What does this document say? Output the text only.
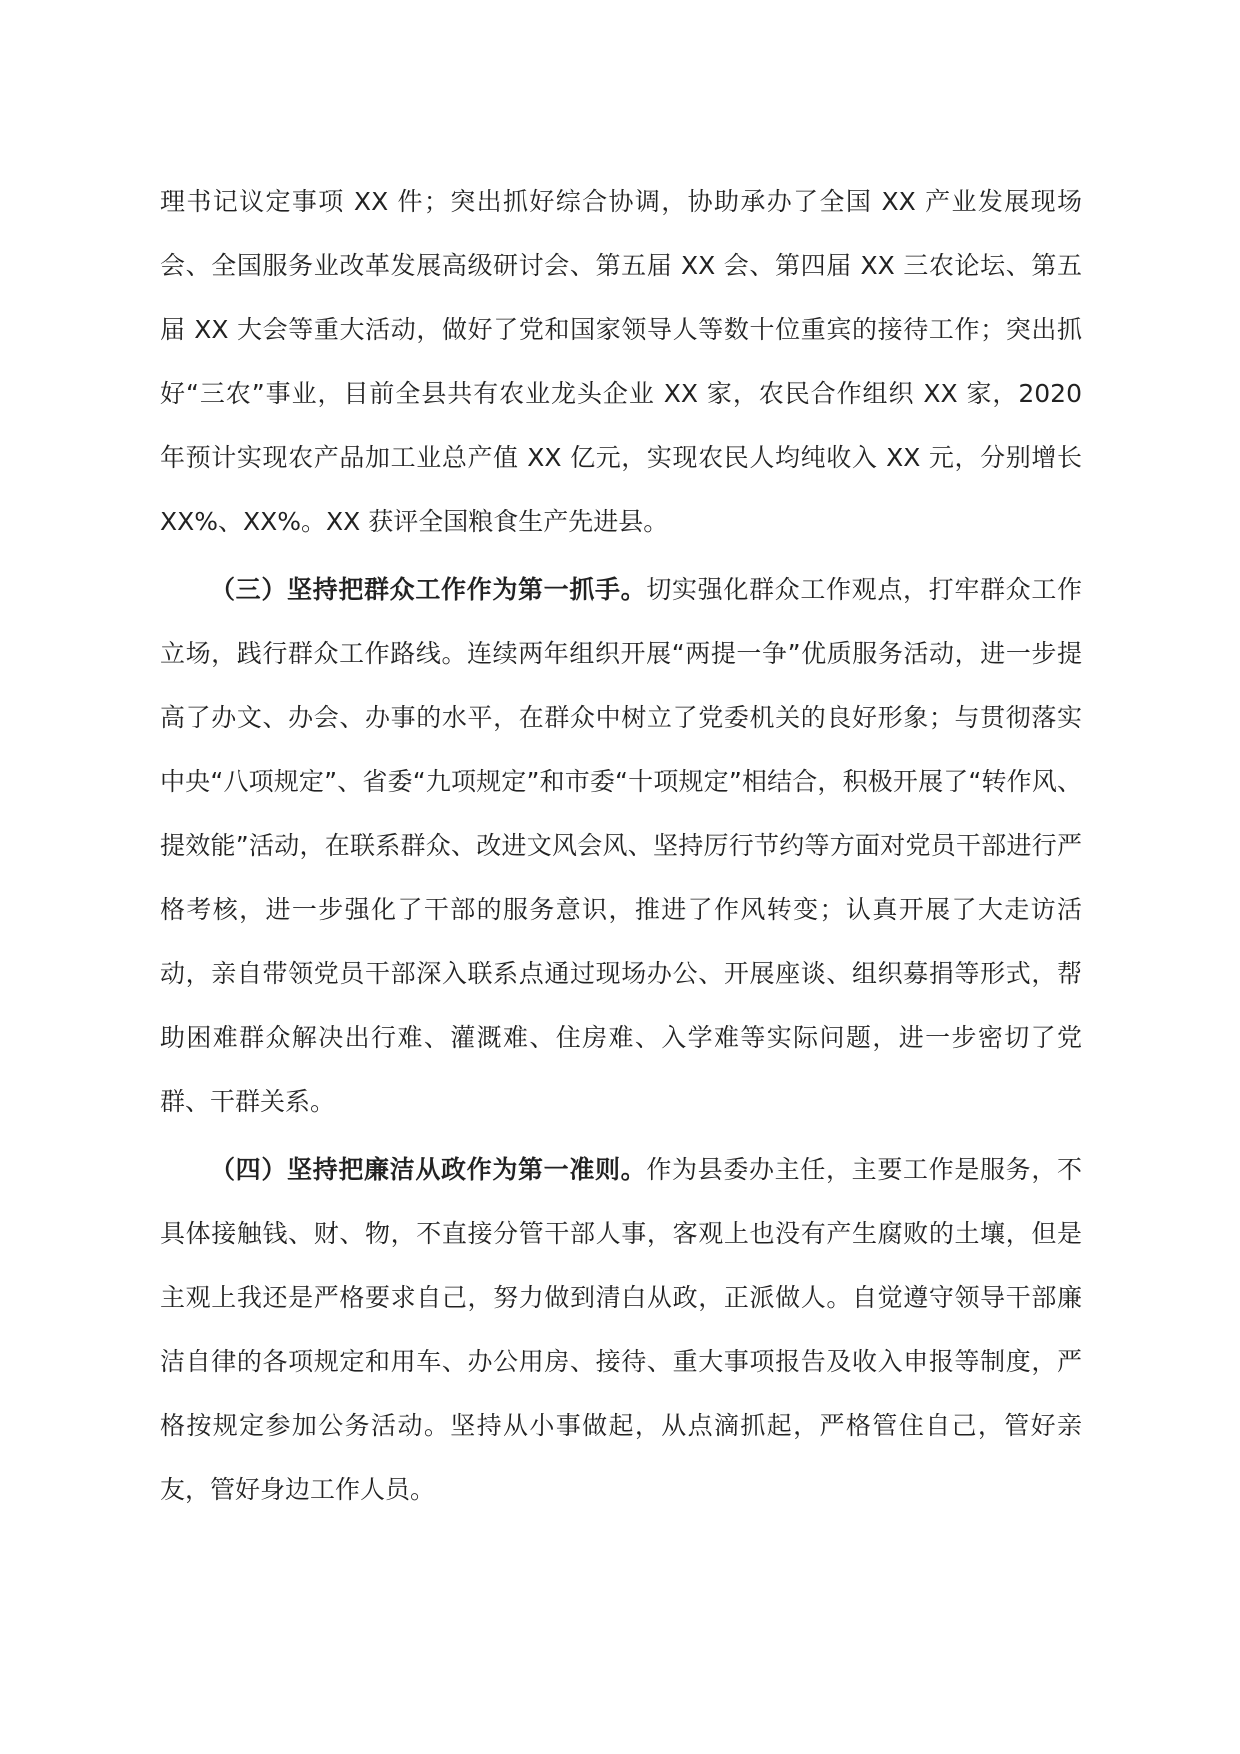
理书记议定事项 XX 件；突出抓好综合协调，协助承办了全国 XX 产业发展现场会、全国服务业改革发展高级研讨会、第五届 XX 会、第四届 XX 三农论坛、第五届 XX 大会等重大活动，做好了党和国家领导人等数十位重宾的接待工作；突出抓好“三农”事业，目前全县共有农业龙头企业 XX 家，农民合作组织 XX 家，2020 年预计实现农产品加工业总产值 XX 亿元，实现农民人均纯收入 XX 元，分别增长 XX%、XX%。XX 获评全国粮食生产先进县。

（三）坚持把群众工作作为第一抓手。切实强化群众工作观点，打牢群众工作立场，践行群众工作路线。连续两年组织开展“两提一争”优质服务活动，进一步提高了办文、办会、办事的水平，在群众中树立了党委机关的良好形象；与贯彻落实中央“八项规定”、省委“九项规定”和市委“十项规定”相结合，积极开展了“转作风、提效能”活动，在联系群众、改进文风会风、坚持厉行节约等方面对党员干部进行严格考核，进一步强化了干部的服务意识，推进了作风转变；认真开展了大走访活动，亲自带领党员干部深入联系点通过现场办公、开展座谈、组织募捐等形式，帮助困难群众解决出行难、灌溉难、住房难、入学难等实际问题，进一步密切了党群、干群关系。

（四）坚持把廉洁从政作为第一准则。作为县委办主任，主要工作是服务，不具体接触钱、财、物，不直接分管干部人事，客观上也没有产生腐败的土壤，但是主观上我还是严格要求自己，努力做到清白从政，正派做人。自觉遵守领导干部廉洁自律的各项规定和用车、办公用房、接待、重大事项报告及收入申报等制度，严格按规定参加公务活动。坚持从小事做起，从点滴抓起，严格管住自己，管好亲友，管好身边工作人员。
